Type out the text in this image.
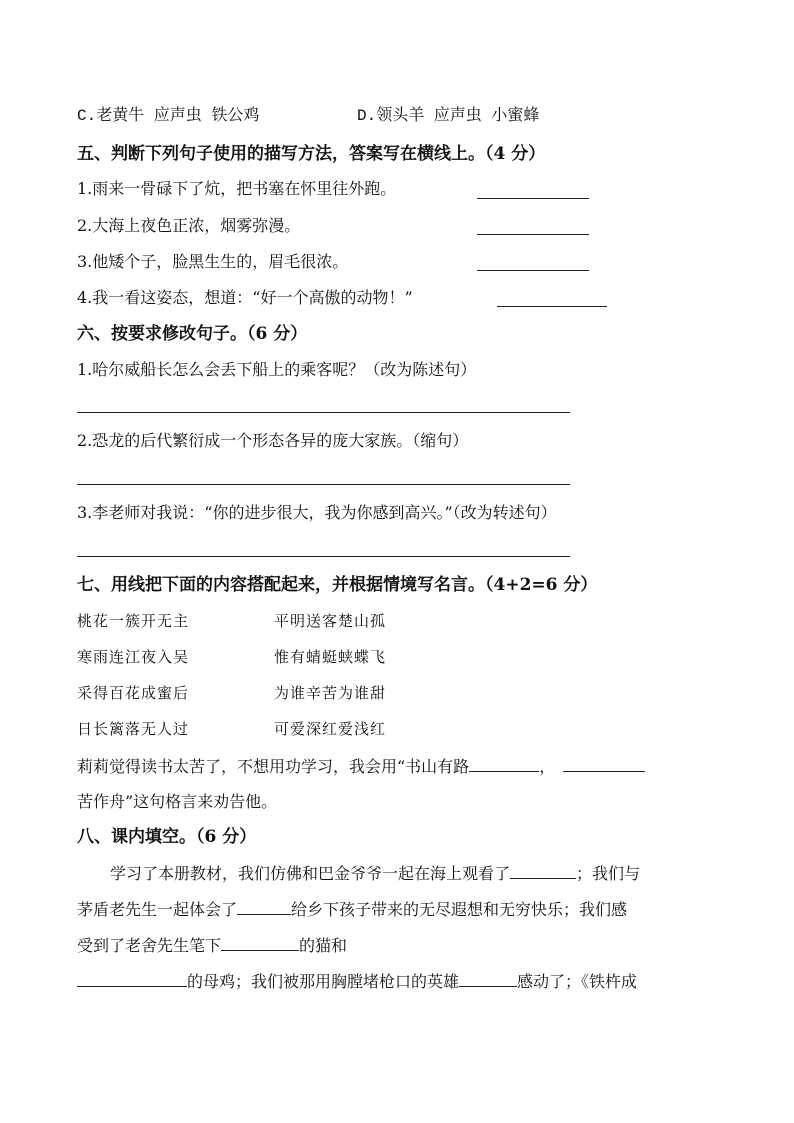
C.老黄牛 应声虫 铁公鸡	D.领头羊 应声虫 小蜜蜂
五、判断下列句子使用的描写方法，答案写在横线上。（4 分）
1.雨来一骨碌下了炕，把书塞在怀里往外跑。
2.大海上夜色正浓，烟雾弥漫。
3.他矮个子，脸黑生生的，眉毛很浓。
4.我一看这姿态，想道：“好一个高傲的动物！”
六、按要求修改句子。（6 分）
1.哈尔威船长怎么会丢下船上的乘客呢？（改为陈述句）
2.恐龙的后代繁衍成一个形态各异的庞大家族。（缩句）
3.李老师对我说：“你的进步很大，我为你感到高兴。”（改为转述句）
七、用线把下面的内容搭配起来，并根据情境写名言。（4+2=6 分）
桃花一簇开无主	平明送客楚山孤
寒雨连江夜入吴	惟有蜻蜓蛱蝶飞
采得百花成蜜后	为谁辛苦为谁甜
日长篱落无人过	可爱深红爱浅红
莉莉觉得读书太苦了，不想用功学习，我会用“书山有路	，
苦作舟”这句格言来劝告他。
八、课内填空。（6 分）
学习了本册教材，我们仿佛和巴金爷爷一起在海上观看了	；我们与
茅盾老先生一起体会了	给乡下孩子带来的无尽遐想和无穷快乐；我们感
受到了老舍先生笔下	的猫和
的母鸡；我们被那用胸膛堵枪口的英雄	感动了；《铁杵成
